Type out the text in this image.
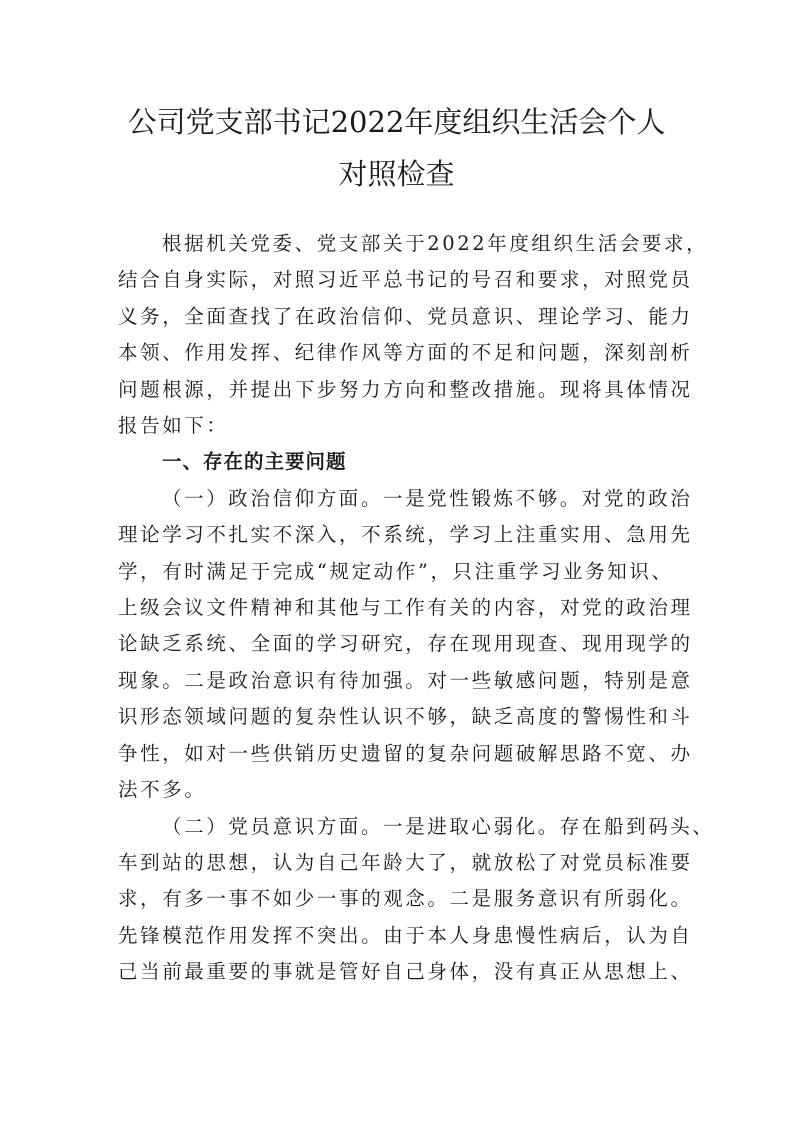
公司党支部书记2022年度组织生活会个人
对照检查

根据机关党委、党支部关于2022年度组织生活会要求，
结合自身实际，对照习近平总书记的号召和要求，对照党员
义务，全面查找了在政治信仰、党员意识、理论学习、能力
本领、作用发挥、纪律作风等方面的不足和问题，深刻剖析
问题根源，并提出下步努力方向和整改措施。现将具体情况
报告如下：

一、存在的主要问题

（一）政治信仰方面。一是党性锻炼不够。对党的政治
理论学习不扎实不深入，不系统，学习上注重实用、急用先
学，有时满足于完成“规定动作”，只注重学习业务知识、
上级会议文件精神和其他与工作有关的内容，对党的政治理
论缺乏系统、全面的学习研究，存在现用现查、现用现学的
现象。二是政治意识有待加强。对一些敏感问题，特别是意
识形态领域问题的复杂性认识不够，缺乏高度的警惕性和斗
争性，如对一些供销历史遗留的复杂问题破解思路不宽、办
法不多。

（二）党员意识方面。一是进取心弱化。存在船到码头、
车到站的思想，认为自己年龄大了，就放松了对党员标准要
求，有多一事不如少一事的观念。二是服务意识有所弱化。
先锋模范作用发挥不突出。由于本人身患慢性病后，认为自
己当前最重要的事就是管好自己身体，没有真正从思想上、
